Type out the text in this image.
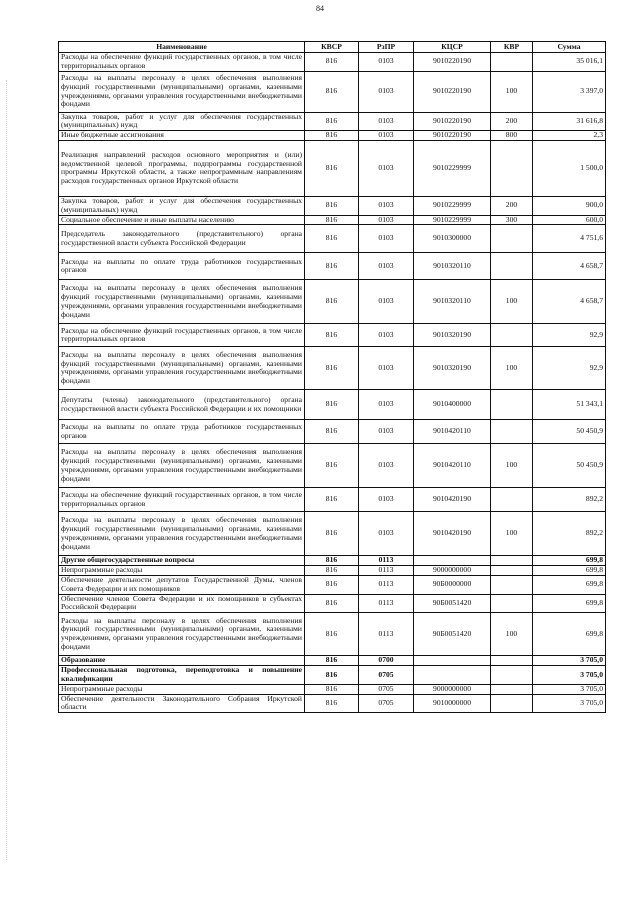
84
Наименование	КВСР	РзПР	КЦСР	КВР	Сумма
Расходы на обеспечение функций государственных органов, в том числе территориальных органов	816	0103	9010220190		35 016,1
Расходы на выплаты персоналу в целях обеспечения выполнения функций государственными (муниципальными) органами, казенными учреждениями, органами управления государственными внебюджетными фондами	816	0103	9010220190	100	3 397,0
Закупка товаров, работ и услуг для обеспечения государственных (муниципальных) нужд	816	0103	9010220190	200	31 616,8
Иные бюджетные ассигнования	816	0103	9010220190	800	2,3
Реализация направлений расходов основного мероприятия и (или) ведомственной целевой программы, подпрограммы государственной программы Иркутской области, а также непрограммным направлениям расходов государственных органов Иркутской области	816	0103	9010229999		1 500,0
Закупка товаров, работ и услуг для обеспечения государственных (муниципальных) нужд	816	0103	9010229999	200	900,0
Социальное обеспечение и иные выплаты населению	816	0103	9010229999	300	600,0
Председатель законодательного (представительного) органа государственной власти субъекта Российской Федерации	816	0103	9010300000		4 751,6
Расходы на выплаты по оплате труда работников государственных органов	816	0103	9010320110		4 658,7
Расходы на выплаты персоналу в целях обеспечения выполнения функций государственными (муниципальными) органами, казенными учреждениями, органами управления государственными внебюджетными фондами	816	0103	9010320110	100	4 658,7
Расходы на обеспечение функций государственных органов, в том числе территориальных органов	816	0103	9010320190		92,9
Расходы на выплаты персоналу в целях обеспечения выполнения функций государственными (муниципальными) органами, казенными учреждениями, органами управления государственными внебюджетными фондами	816	0103	9010320190	100	92,9
Депутаты (члены) законодательного (представительного) органа государственной власти субъекта Российской Федерации и их помощники	816	0103	9010400000		51 343,1
Расходы на выплаты по оплате труда работников государственных органов	816	0103	9010420110		50 450,9
Расходы на выплаты персоналу в целях обеспечения выполнения функций государственными (муниципальными) органами, казенными учреждениями, органами управления государственными внебюджетными фондами	816	0103	9010420110	100	50 450,9
Расходы на обеспечение функций государственных органов, в том числе территориальных органов	816	0103	9010420190		892,2
Расходы на выплаты персоналу в целях обеспечения выполнения функций государственными (муниципальными) органами, казенными учреждениями, органами управления государственными внебюджетными фондами	816	0103	9010420190	100	892,2
Другие общегосударственные вопросы	816	0113			699,8
Непрограммные расходы	816	0113	9000000000		699,8
Обеспечение деятельности депутатов Государственной Думы, членов Совета Федерации и их помощников	816	0113	90Б0000000		699,8
Обеспечение членов Совета Федерации и их помощников в субъектах Российской Федерации	816	0113	90Б0051420		699,8
Расходы на выплаты персоналу в целях обеспечения выполнения функций государственными (муниципальными) органами, казенными учреждениями, органами управления государственными внебюджетными фондами	816	0113	90Б0051420	100	699,8
Образование	816	0700			3 705,0
Профессиональная подготовка, переподготовка и повышение квалификации	816	0705			3 705,0
Непрограммные расходы	816	0705	9000000000		3 705,0
Обеспечение деятельности Законодательного Собрания Иркутской области	816	0705	9010000000		3 705,0
